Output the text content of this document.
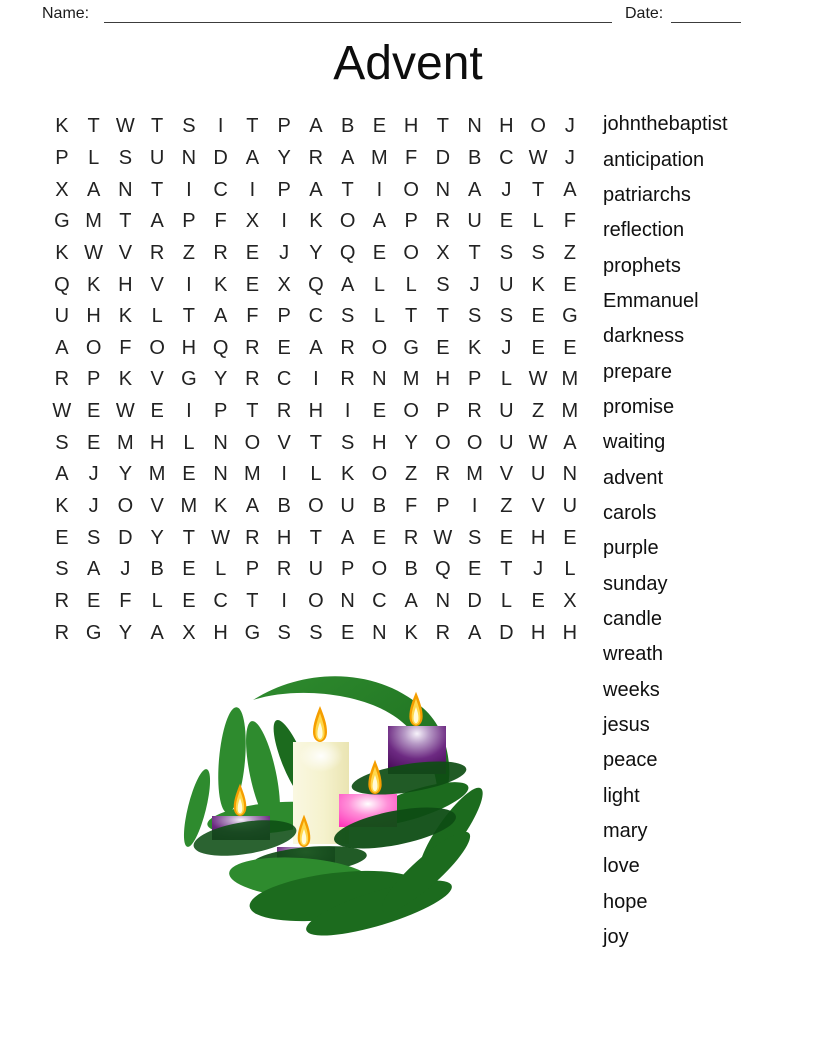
Name:	Date:
Advent
K T W T S	I	T P A B E H T N H O J
P L S U N D A Y R A M F D B C W J
X A N T	I	C	I	P A T	I	O N A	J	T A
G M T A P F X	I	K O A P R U E L	F
K W V R Z R E	J	Y Q E O X T S S Z
Q K H V	I	K E X Q A L	L S	J U K E
U H K L	T A F P C S L	T T S S E G
A O F O H Q R E A R O G E K	J	E E
R P K V G Y R C	I	R N M H P L W M
W E W E	I	P T R H	I	E O P R U Z M
S E M H L N O V T S H Y O O U W A
A	J	Y M E N M	I	L K O Z R M V U N
K	J O V M K A B O U B F P	I	Z V U
E S D Y T W R H T A E R W S E H E
S A	J	B E L P R U P O B Q E T	J	L
R E F	L E C T	I	O N C A N D L E X
R G Y A X H G S S E N K R A D H H
johnthebaptist
anticipation
patriarchs
reflection
prophets
Emmanuel
darkness
prepare
promise
waiting
advent
carols
purple
sunday
candle
wreath
weeks
jesus
peace
light
mary
love
hope
joy
